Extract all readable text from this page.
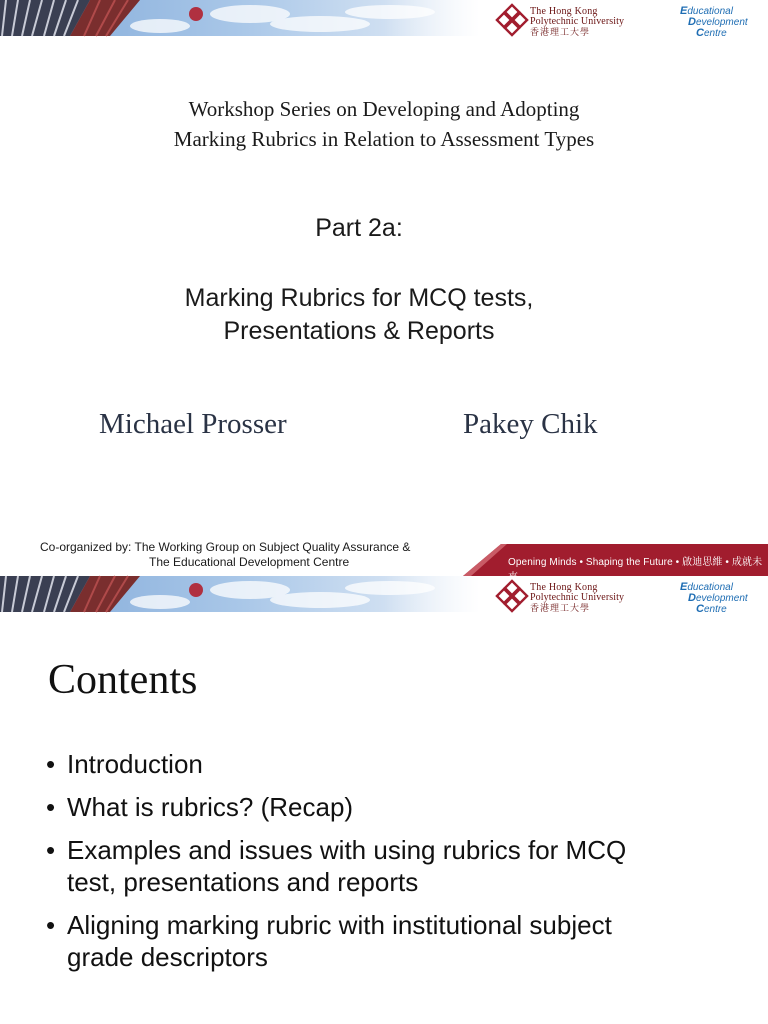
The Hong Kong
Polytechnic University
香港理工大學
Educational
Development
Centre
Workshop Series on Developing and Adopting
Marking Rubrics in Relation to Assessment Types
Part 2a:
Marking Rubrics for MCQ tests,
Presentations & Reports
Michael Prosser	Pakey Chik
Co-organized by: The Working Group on Subject Quality Assurance &
The Educational Development Centre	Opening Minds • Shaping the Future • 啟迪思維 • 成就未
The Hong Kong
Polytechnic University
香港理工大學
Educational
Development
Centre
Contents
• Introduction
• What is rubrics? (Recap)
• Examples and issues with using rubrics for MCQ
test, presentations and reports
• Aligning marking rubric with institutional subject
grade descriptors
